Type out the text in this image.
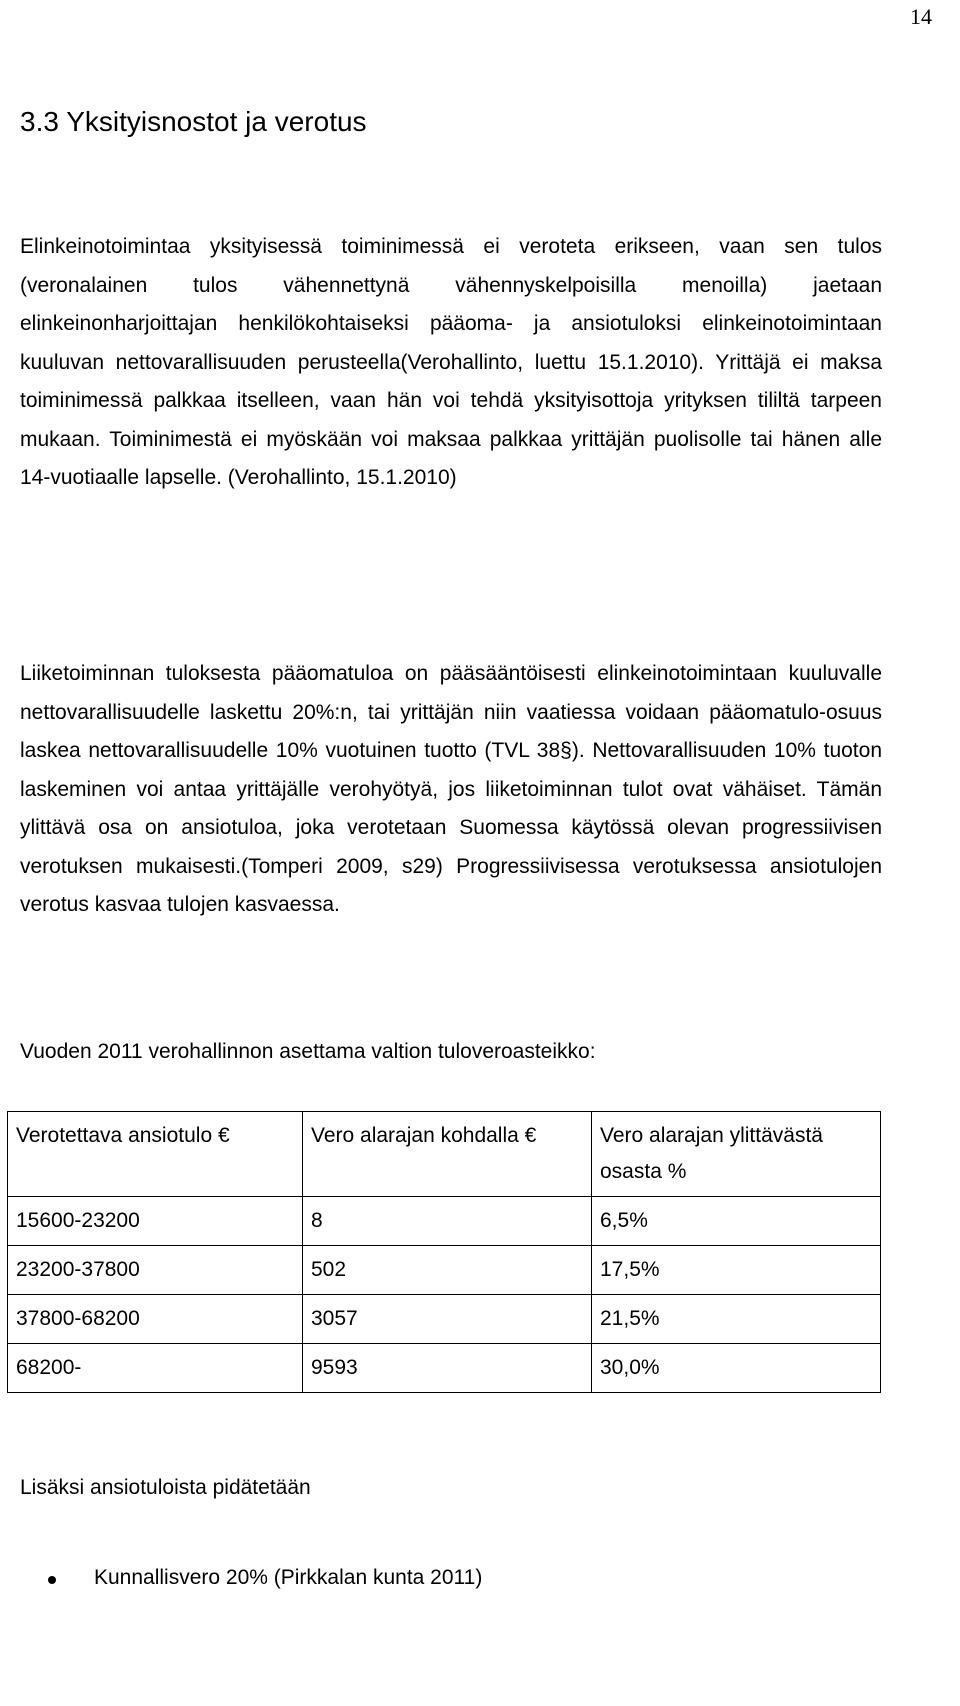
14
3.3 Yksityisnostot ja verotus

Elinkeinotoimintaa yksityisessä toiminimessä ei veroteta erikseen, vaan sen tulos (veronalainen tulos vähennettynä vähennyskelpoisilla menoilla) jaetaan elinkeinonharjoittajan henkilökohtaiseksi pääoma- ja ansiotuloksi elinkeinotoimintaan kuuluvan nettovarallisuuden perusteella(Verohallinto, luettu 15.1.2010). Yrittäjä ei maksa toiminimessä palkkaa itselleen, vaan hän voi tehdä yksityisottoja yrityksen tililtä tarpeen mukaan. Toiminimestä ei myöskään voi maksaa palkkaa yrittäjän puolisolle tai hänen alle 14-vuotiaalle lapselle. (Verohallinto, 15.1.2010)

Liiketoiminnan tuloksesta pääomatuloa on pääsääntöisesti elinkeinotoimintaan kuuluvalle nettovarallisuudelle laskettu 20%:n, tai yrittäjän niin vaatiessa voidaan pääomatulo-osuus laskea nettovarallisuudelle 10% vuotuinen tuotto (TVL 38§). Nettovarallisuuden 10% tuoton laskeminen voi antaa yrittäjälle verohyötyä, jos liiketoiminnan tulot ovat vähäiset. Tämän ylittävä osa on ansiotuloa, joka verotetaan Suomessa käytössä olevan progressiivisen verotuksen mukaisesti.(Tomperi 2009, s29) Progressiivisessa verotuksessa ansiotulojen verotus kasvaa tulojen kasvaessa.

Vuoden 2011 verohallinnon asettama valtion tuloveroasteikko:

Verotettava ansiotulo €	Vero alarajan kohdalla €	Vero alarajan ylittävästä osasta %
15600-23200	8	6,5%
23200-37800	502	17,5%
37800-68200	3057	21,5%
68200-	9593	30,0%

Lisäksi ansiotuloista pidätetään

Kunnallisvero 20% (Pirkkalan kunta 2011)
